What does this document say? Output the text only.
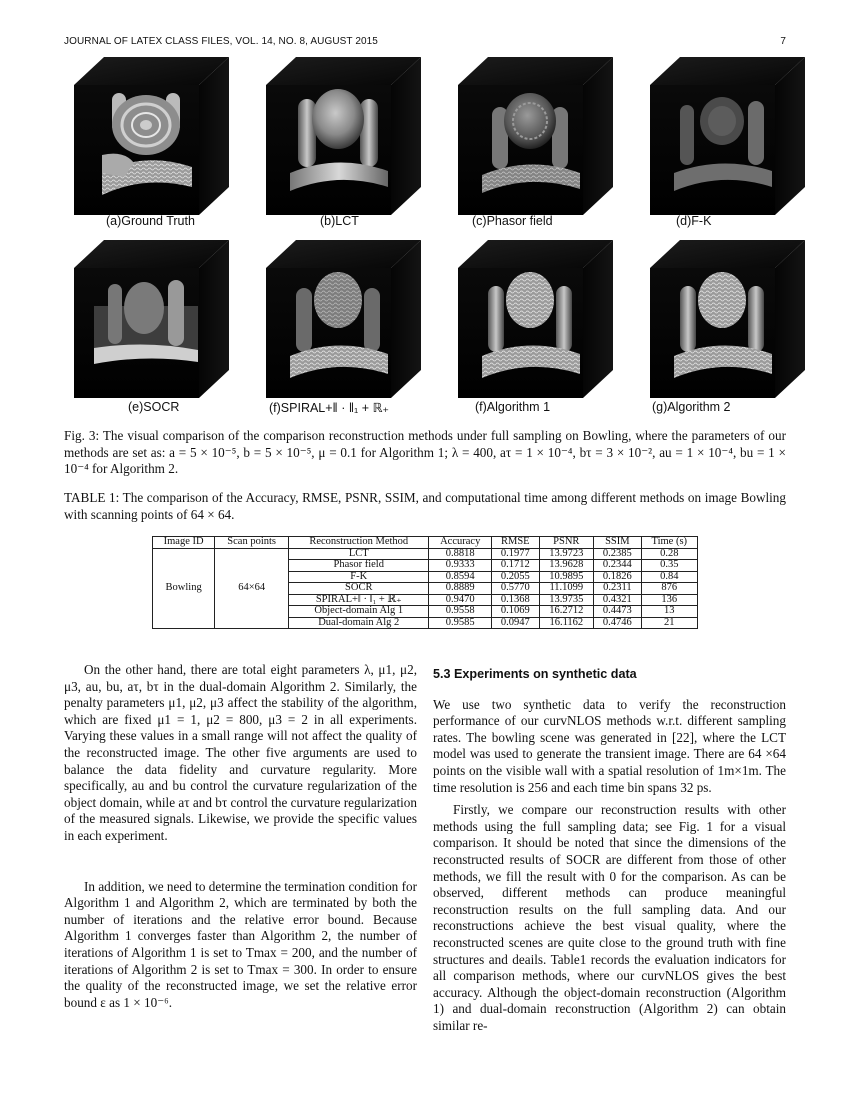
JOURNAL OF LATEX CLASS FILES, VOL. 14, NO. 8, AUGUST 2015	7
(a)Ground Truth	(b)LCT	(c)Phasor field	(d)F-K
(e)SOCR	(f)SPIRAL+‖ · ‖₁ + ℝ₊	(f)Algorithm 1	(g)Algorithm 2
Fig. 3: The visual comparison of the comparison reconstruction methods under full sampling on Bowling, where the parameters of our methods are set as: a = 5 × 10⁻⁵, b = 5 × 10⁻⁵, μ = 0.1 for Algorithm 1; λ = 400, aτ = 1 × 10⁻⁴, bτ = 3 × 10⁻², au = 1 × 10⁻⁴, bu = 1 × 10⁻⁴ for Algorithm 2.
TABLE 1: The comparison of the Accuracy, RMSE, PSNR, SSIM, and computational time among different methods on image Bowling with scanning points of 64 × 64.
Image ID	Scan points	Reconstruction Method	Accuracy	RMSE	PSNR	SSIM	Time (s)
Bowling	64×64	LCT	0.8818	0.1977	13.9723	0.2385	0.28
		Phasor field	0.9333	0.1712	13.9628	0.2344	0.35
		F-K	0.8594	0.2055	10.9895	0.1826	0.84
		SOCR	0.8889	0.5770	11.1099	0.2311	876
		SPIRAL+‖ · ‖₁ + ℝ₊	0.9470	0.1368	13.9735	0.4321	136
		Object-domain Alg 1	0.9558	0.1069	16.2712	0.4473	13
		Dual-domain Alg 2	0.9585	0.0947	16.1162	0.4746	21

On the other hand, there are total eight parameters λ, μ1, μ2, μ3, au, bu, aτ, bτ in the dual-domain Algorithm 2. Similarly, the penalty parameters μ1, μ2, μ3 affect the stability of the algorithm, which are fixed μ1 = 1, μ2 = 800, μ3 = 2 in all experiments. Varying these values in a small range will not affect the quality of the reconstructed image. The other five arguments are used to balance the data fidelity and curvature regularity. More specifically, au and bu control the curvature regularization of the object domain, while aτ and bτ control the curvature regularization of the measured signals. Likewise, we provide the specific values in each experiment.

In addition, we need to determine the termination condition for Algorithm 1 and Algorithm 2, which are terminated by both the number of iterations and the relative error bound. Because Algorithm 1 converges faster than Algorithm 2, the number of iterations of Algorithm 1 is set to Tmax = 200, and the number of iterations of Algorithm 2 is set to Tmax = 300. In order to ensure the quality of the reconstructed image, we set the relative error bound ε as 1 × 10⁻⁶.

5.3 Experiments on synthetic data

We use two synthetic data to verify the reconstruction performance of our curvNLOS methods w.r.t. different sampling rates. The bowling scene was generated in [22], where the LCT model was used to generate the transient image. There are 64 ×64 points on the visible wall with a spatial resolution of 1m×1m. The time resolution is 256 and each time bin spans 32 ps.

Firstly, we compare our reconstruction results with other methods using the full sampling data; see Fig. 1 for a visual comparison. It should be noted that since the dimensions of the reconstructed results of SOCR are different from those of other methods, we fill the result with 0 for the comparison. As can be observed, different methods can produce meaningful reconstruction results on the full sampling data. And our reconstructions achieve the best visual quality, where the reconstructed scenes are quite close to the ground truth with fine structures and deails. Table1 records the evaluation indicators for all comparison methods, where our curvNLOS gives the best accuracy. Although the object-domain reconstruction (Algorithm 1) and dual-domain reconstruction (Algorithm 2) can obtain similar re-
